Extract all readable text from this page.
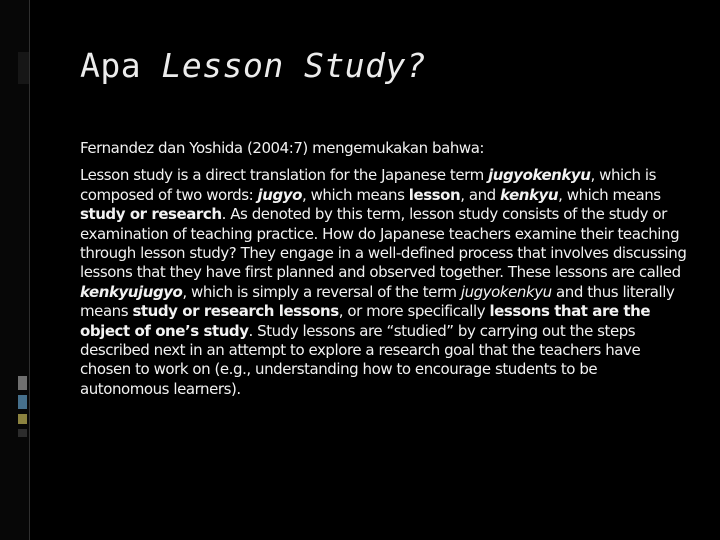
Apa Lesson Study?

Fernandez dan Yoshida (2004:7) mengemukakan bahwa:

Lesson study is a direct translation for the Japanese term jugyokenkyu, which is composed of two words: jugyo, which means lesson, and kenkyu, which means study or research. As denoted by this term, lesson study consists of the study or examination of teaching practice. How do Japanese teachers examine their teaching through lesson study? They engage in a well-defined process that involves discussing lessons that they have first planned and observed together. These lessons are called kenkyujugyo, which is simply a reversal of the term jugyokenkyu and thus literally means study or research lessons, or more specifically lessons that are the object of one’s study. Study lessons are “studied” by carrying out the steps described next in an attempt to explore a research goal that the teachers have chosen to work on (e.g., understanding how to encourage students to be autonomous learners).
